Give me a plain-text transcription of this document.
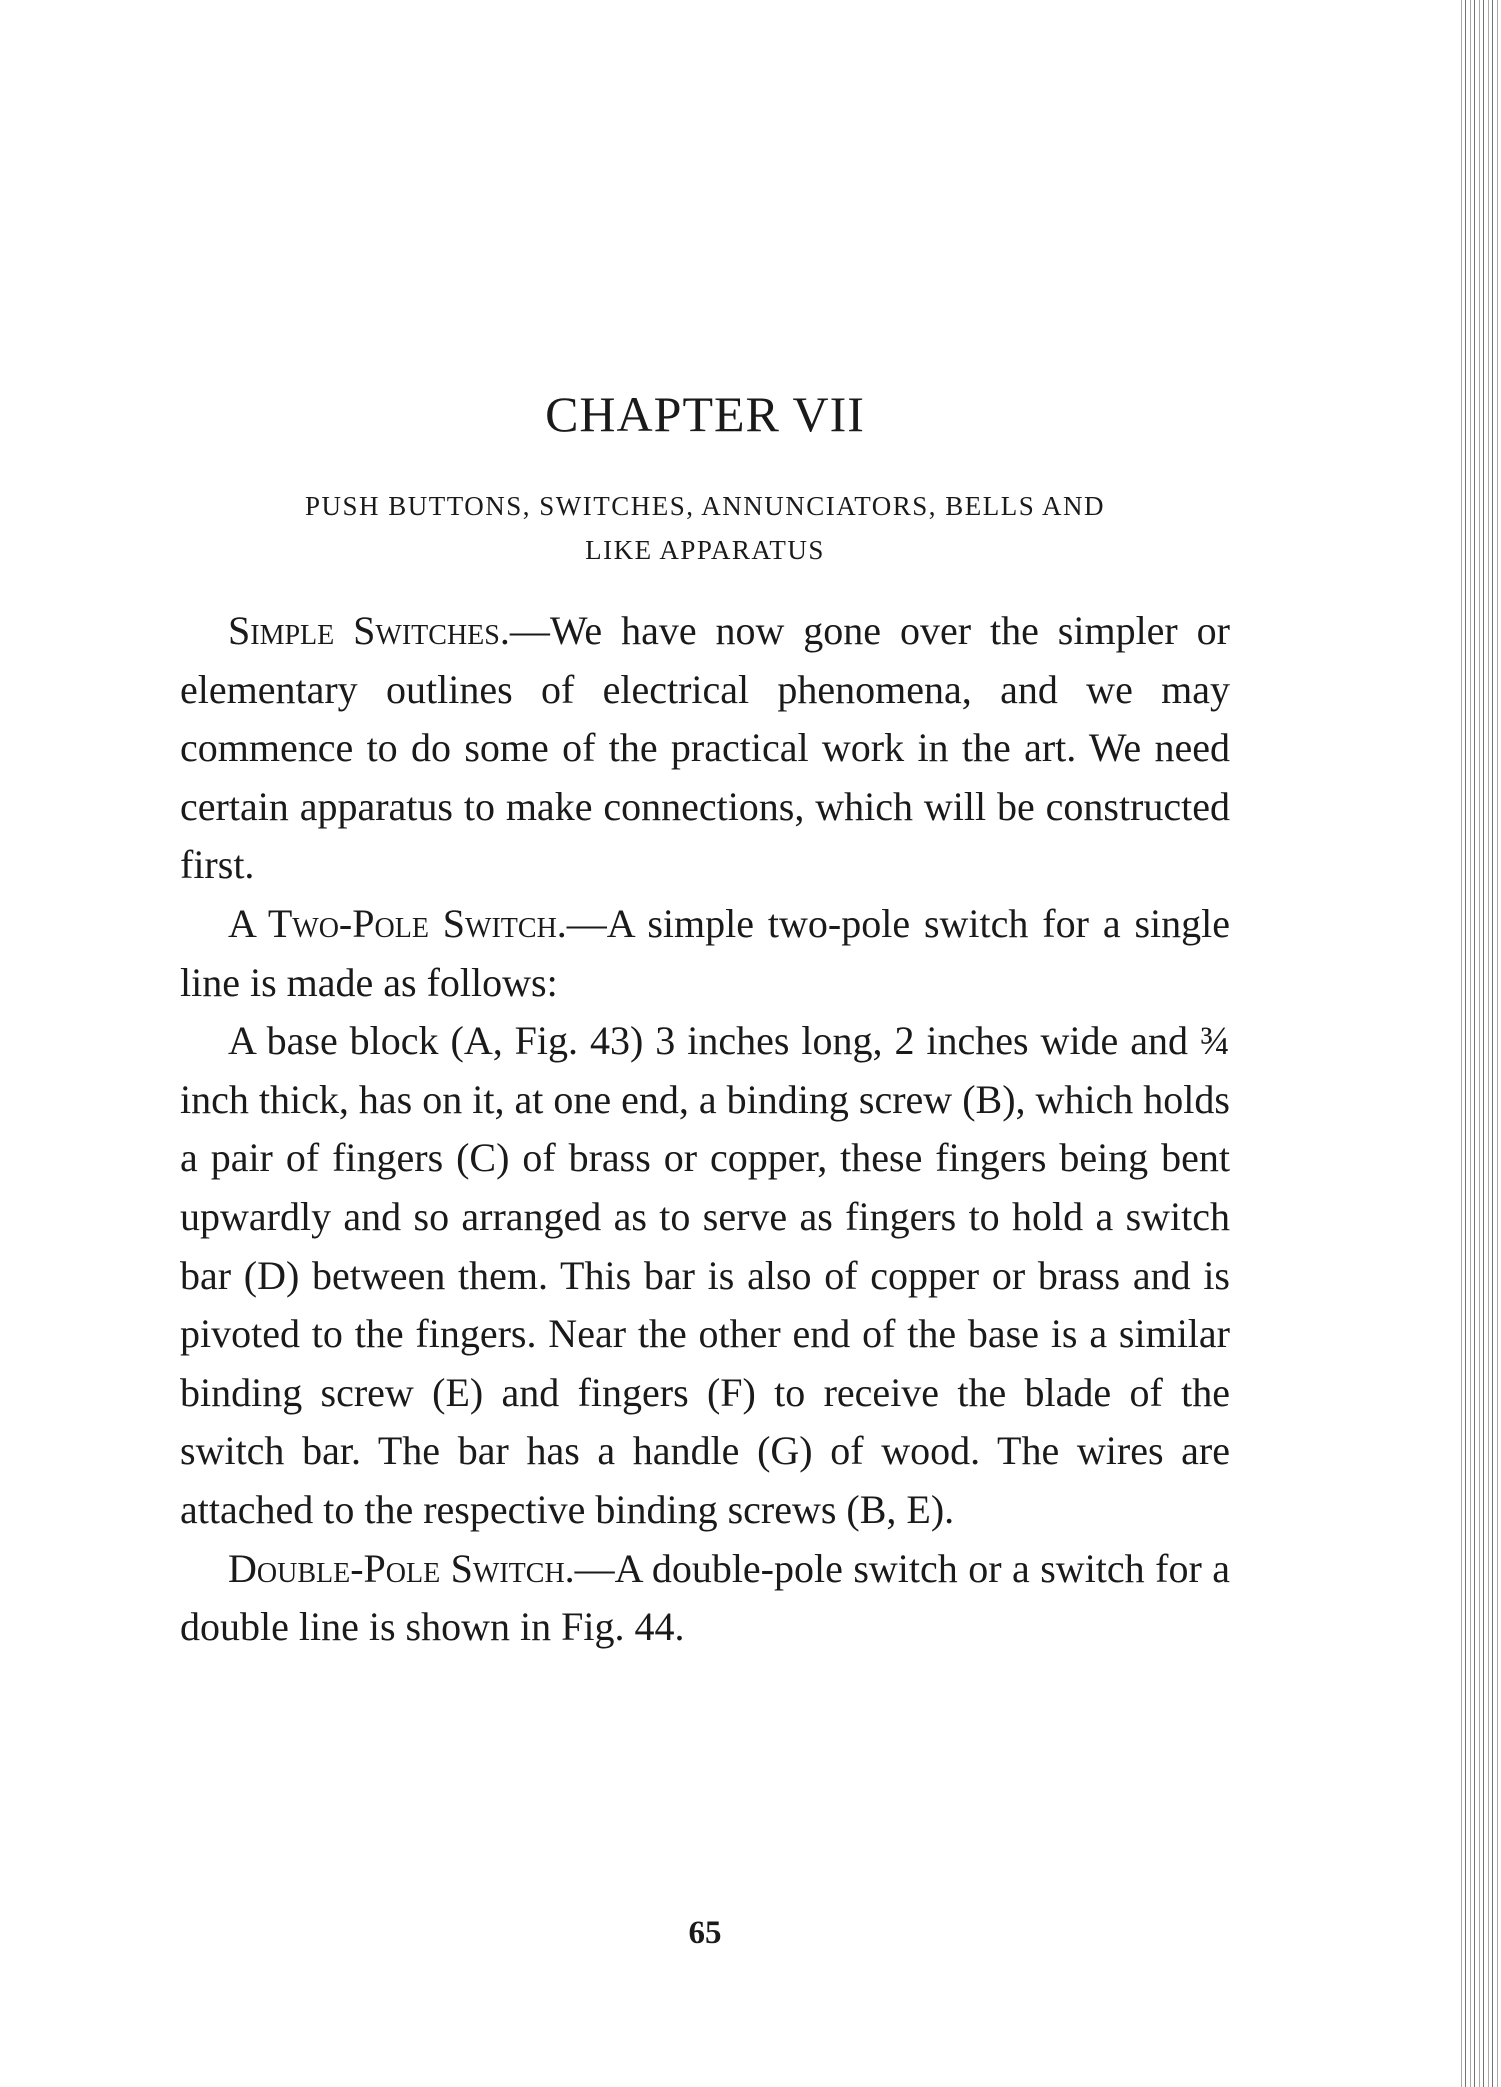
CHAPTER VII
PUSH BUTTONS, SWITCHES, ANNUNCIATORS, BELLS AND
LIKE APPARATUS

Simple Switches.—We have now gone over the simpler or elementary outlines of electrical phenomena, and we may commence to do some of the practical work in the art. We need certain apparatus to make connections, which will be constructed first.

A Two-Pole Switch.—A simple two-pole switch for a single line is made as follows:

A base block (A, Fig. 43) 3 inches long, 2 inches wide and ¾ inch thick, has on it, at one end, a binding screw (B), which holds a pair of fingers (C) of brass or copper, these fingers being bent upwardly and so arranged as to serve as fingers to hold a switch bar (D) between them. This bar is also of copper or brass and is pivoted to the fingers. Near the other end of the base is a similar binding screw (E) and fingers (F) to receive the blade of the switch bar. The bar has a handle (G) of wood. The wires are attached to the respective binding screws (B, E).

Double-Pole Switch.—A double-pole switch or a switch for a double line is shown in Fig. 44.

65
